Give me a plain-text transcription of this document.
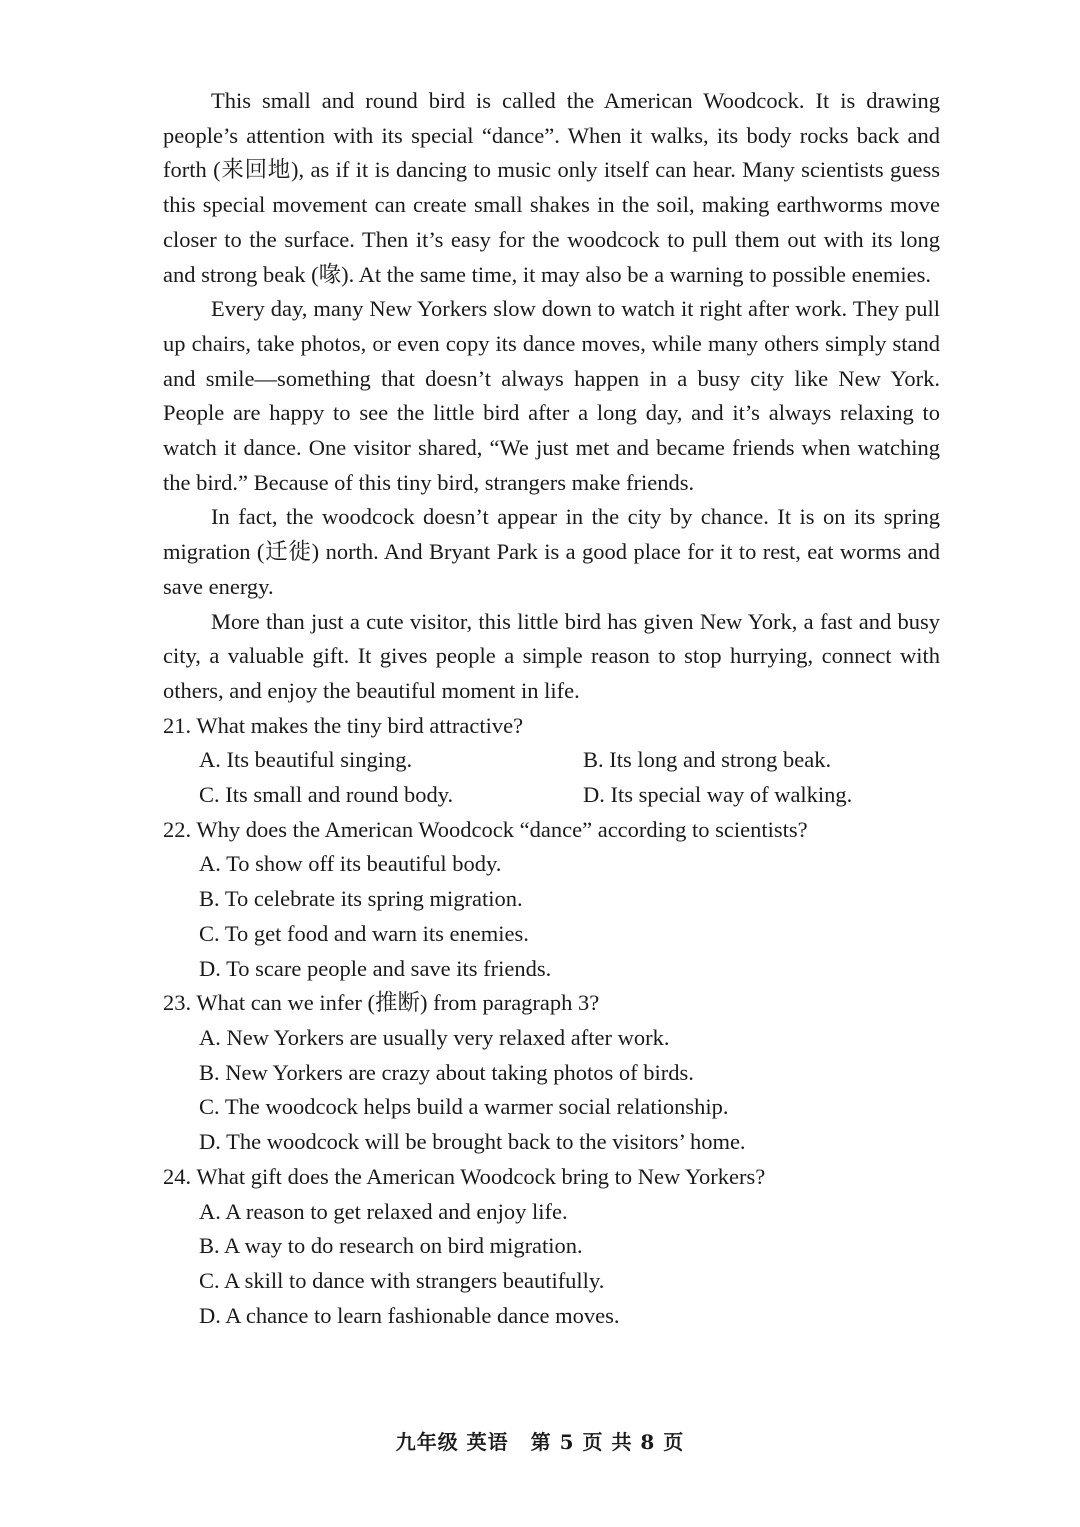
This small and round bird is called the American Woodcock. It is drawing people’s attention with its special “dance”. When it walks, its body rocks back and forth (来回地), as if it is dancing to music only itself can hear. Many scientists guess this special movement can create small shakes in the soil, making earthworms move closer to the surface. Then it’s easy for the woodcock to pull them out with its long and strong beak (喙). At the same time, it may also be a warning to possible enemies.

Every day, many New Yorkers slow down to watch it right after work. They pull up chairs, take photos, or even copy its dance moves, while many others simply stand and smile—something that doesn’t always happen in a busy city like New York. People are happy to see the little bird after a long day, and it’s always relaxing to watch it dance. One visitor shared, “We just met and became friends when watching the bird.” Because of this tiny bird, strangers make friends.

In fact, the woodcock doesn’t appear in the city by chance. It is on its spring migration (迁徙) north. And Bryant Park is a good place for it to rest, eat worms and save energy.

More than just a cute visitor, this little bird has given New York, a fast and busy city, a valuable gift. It gives people a simple reason to stop hurrying, connect with others, and enjoy the beautiful moment in life.

21. What makes the tiny bird attractive?

A. Its beautiful singing.	B. Its long and strong beak.
C. Its small and round body.	D. Its special way of walking.

22. Why does the American Woodcock “dance” according to scientists?

A. To show off its beautiful body.

B. To celebrate its spring migration.

C. To get food and warn its enemies.

D. To scare people and save its friends.

23. What can we infer (推断) from paragraph 3?

A. New Yorkers are usually very relaxed after work.

B. New Yorkers are crazy about taking photos of birds.

C. The woodcock helps build a warmer social relationship.

D. The woodcock will be brought back to the visitors’ home.

24. What gift does the American Woodcock bring to New Yorkers?

A. A reason to get relaxed and enjoy life.

B. A way to do research on bird migration.

C. A skill to dance with strangers beautifully.

D. A chance to learn fashionable dance moves.

九年级 英语 第 5 页 共 8 页
